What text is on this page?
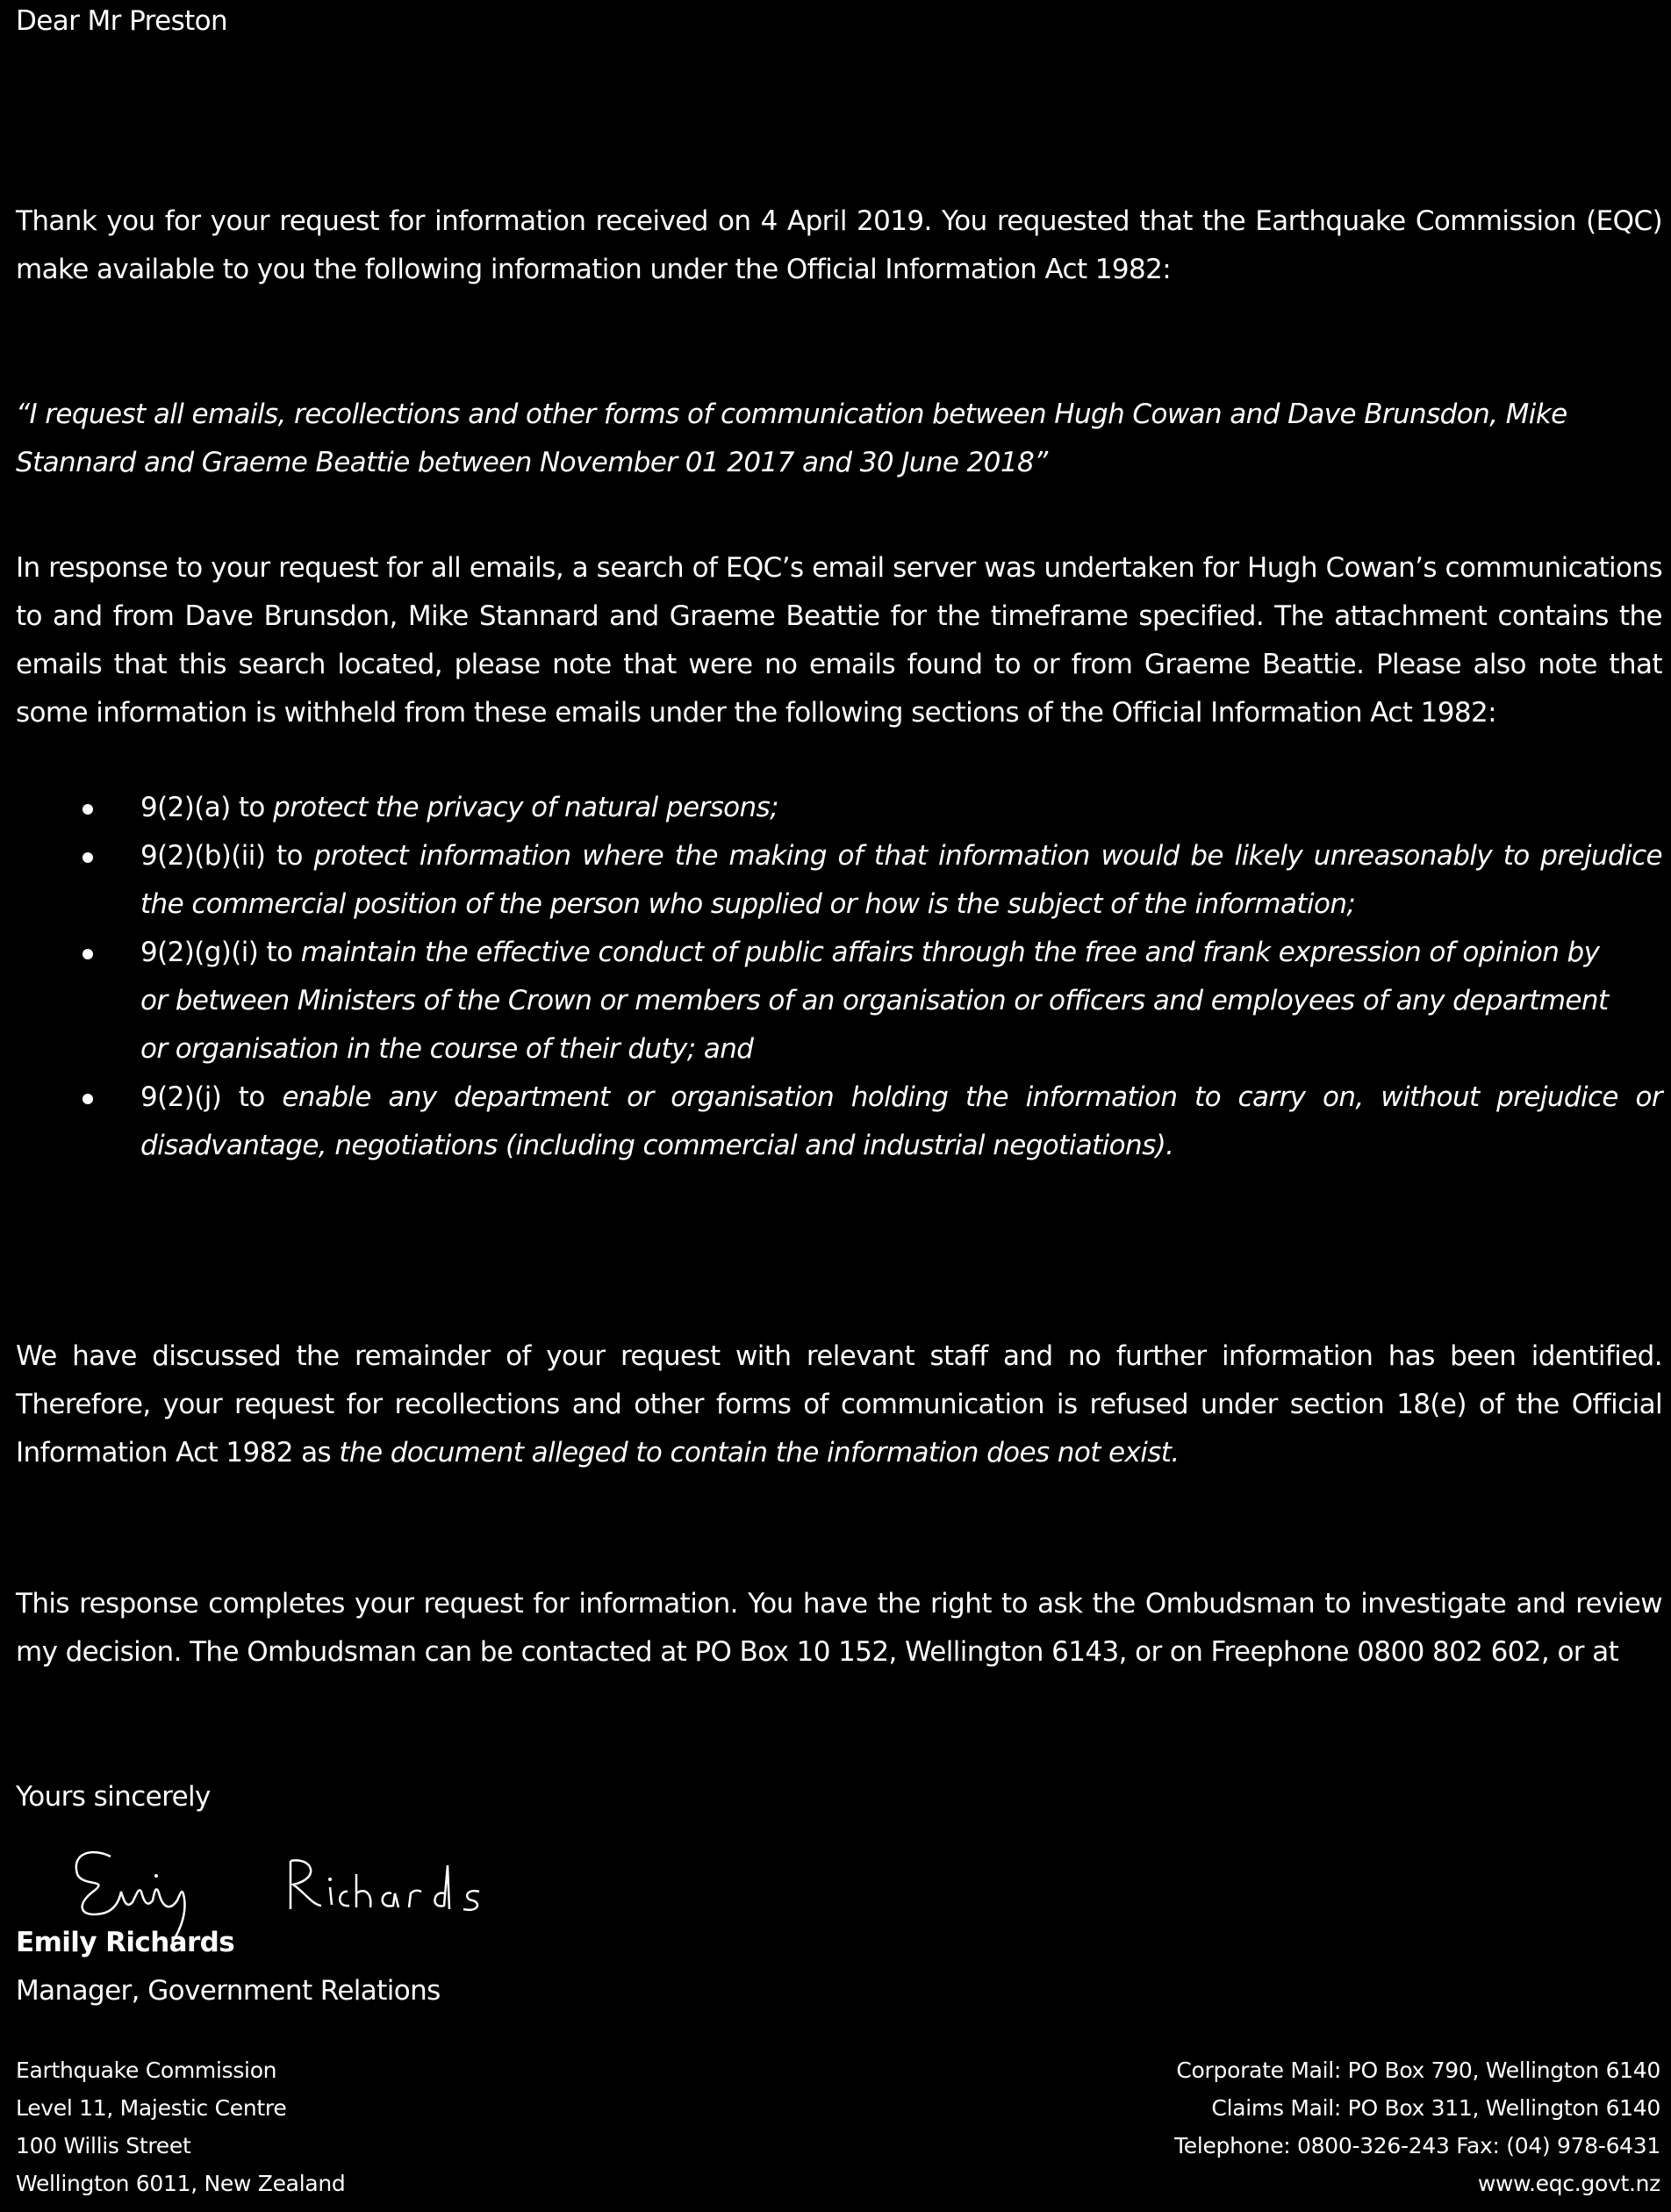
Dear Mr Preston
Thank you for your request for information received on 4 April 2019. You requested that the Earthquake Commission (EQC) make available to you the following information under the Official Information Act 1982:
“I request all emails, recollections and other forms of communication between Hugh Cowan and Dave Brunsdon, Mike Stannard and Graeme Beattie between November 01 2017 and 30 June 2018”
In response to your request for all emails, a search of EQC’s email server was undertaken for Hugh Cowan’s communications to and from Dave Brunsdon, Mike Stannard and Graeme Beattie for the timeframe specified. The attachment contains the emails that this search located, please note that were no emails found to or from Graeme Beattie. Please also note that some information is withheld from these emails under the following sections of the Official Information Act 1982:
9(2)(a) to protect the privacy of natural persons;
9(2)(b)(ii) to protect information where the making of that information would be likely unreasonably to prejudice the commercial position of the person who supplied or how is the subject of the information;
9(2)(g)(i) to maintain the effective conduct of public affairs through the free and frank expression of opinion by or between Ministers of the Crown or members of an organisation or officers and employees of any department or organisation in the course of their duty; and
9(2)(j) to enable any department or organisation holding the information to carry on, without prejudice or disadvantage, negotiations (including commercial and industrial negotiations).
We have discussed the remainder of your request with relevant staff and no further information has been identified. Therefore, your request for recollections and other forms of communication is refused under section 18(e) of the Official Information Act 1982 as the document alleged to contain the information does not exist.
This response completes your request for information. You have the right to ask the Ombudsman to investigate and review my decision. The Ombudsman can be contacted at PO Box 10 152, Wellington 6143, or on Freephone 0800 802 602, or at
Yours sincerely
Emily Richards
Manager, Government Relations
Earthquake Commission
Level 11, Majestic Centre
100 Willis Street
Wellington 6011, New Zealand
Corporate Mail: PO Box 790, Wellington 6140
Claims Mail: PO Box 311, Wellington 6140
Telephone: 0800-326-243 Fax: (04) 978-6431
www.eqc.govt.nz
